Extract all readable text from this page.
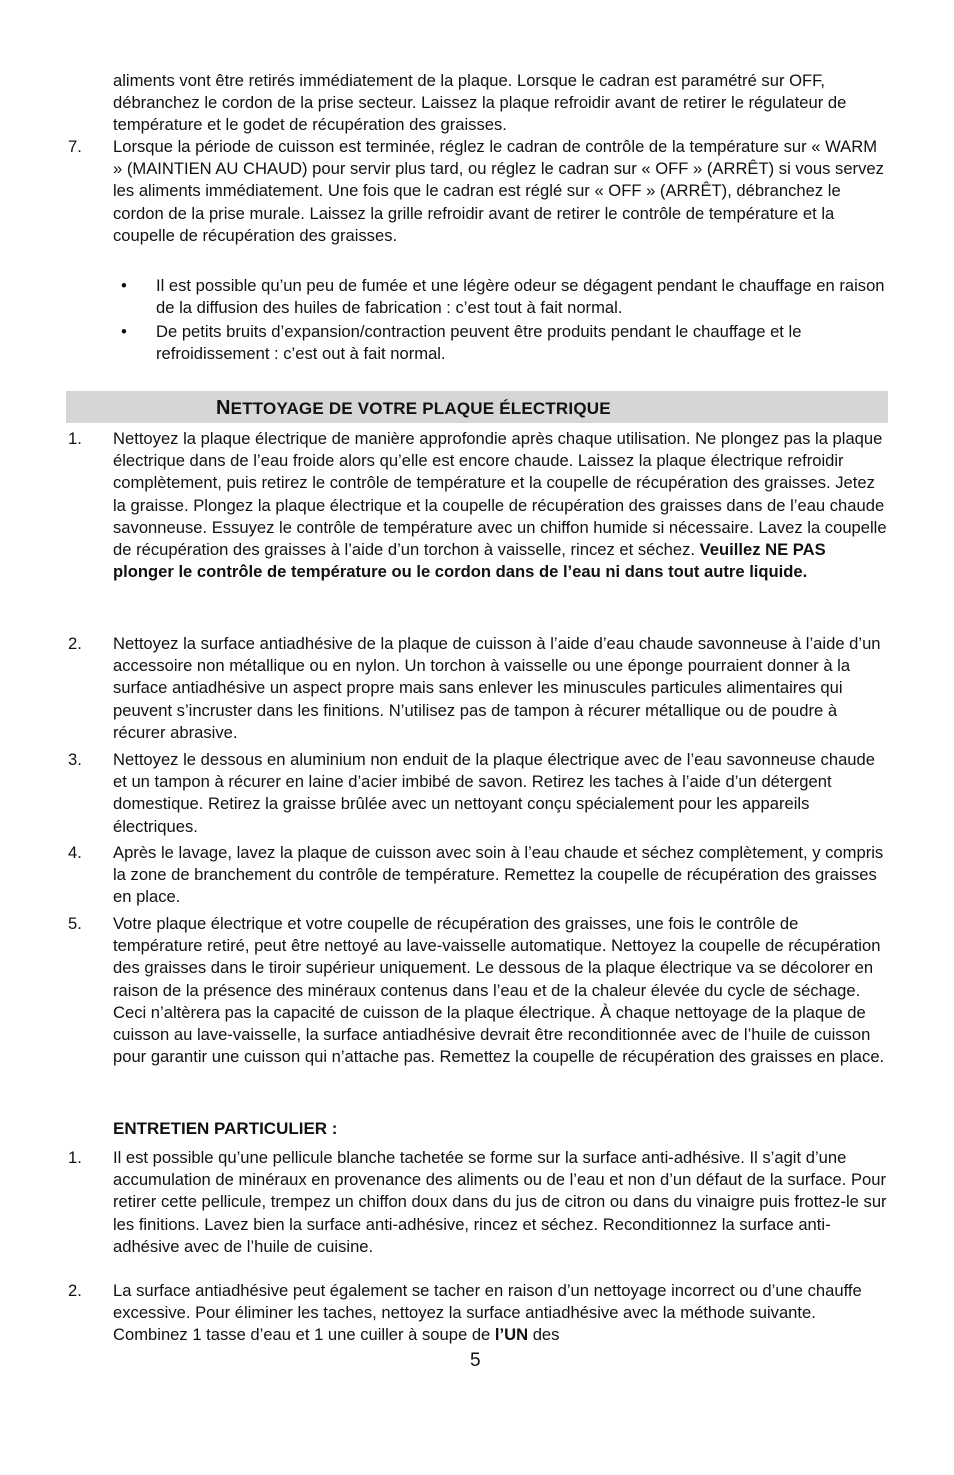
aliments vont être retirés immédiatement de la plaque. Lorsque le cadran est paramétré sur OFF, débranchez le cordon de la prise secteur. Laissez la plaque refroidir avant de retirer le régulateur de température et le godet de récupération des graisses.

7. Lorsque la période de cuisson est terminée, réglez le cadran de contrôle de la température sur « WARM » (MAINTIEN AU CHAUD) pour servir plus tard, ou réglez le cadran sur « OFF » (ARRÊT) si vous servez les aliments immédiatement. Une fois que le cadran est réglé sur « OFF » (ARRÊT), débranchez le cordon de la prise murale. Laissez la grille refroidir avant de retirer le contrôle de température et la coupelle de récupération des graisses.

• Il est possible qu’un peu de fumée et une légère odeur se dégagent pendant le chauffage en raison de la diffusion des huiles de fabrication : c’est tout à fait normal.

• De petits bruits d’expansion/contraction peuvent être produits pendant le chauffage et le refroidissement : c’est out à fait normal.

NETTOYAGE DE VOTRE PLAQUE ÉLECTRIQUE
1. Nettoyez la plaque électrique de manière approfondie après chaque utilisation. Ne plongez pas la plaque électrique dans de l’eau froide alors qu’elle est encore chaude. Laissez la plaque électrique refroidir complètement, puis retirez le contrôle de température et la coupelle de récupération des graisses. Jetez la graisse. Plongez la plaque électrique et la coupelle de récupération des graisses dans de l’eau chaude savonneuse. Essuyez le contrôle de température avec un chiffon humide si nécessaire. Lavez la coupelle de récupération des graisses à l’aide d’un torchon à vaisselle, rincez et séchez. Veuillez NE PAS plonger le contrôle de température ou le cordon dans de l’eau ni dans tout autre liquide.

2. Nettoyez la surface antiadhésive de la plaque de cuisson à l’aide d’eau chaude savonneuse à l’aide d’un accessoire non métallique ou en nylon. Un torchon à vaisselle ou une éponge pourraient donner à la surface antiadhésive un aspect propre mais sans enlever les minuscules particules alimentaires qui peuvent s’incruster dans les finitions. N’utilisez pas de tampon à récurer métallique ou de poudre à récurer abrasive.

3. Nettoyez le dessous en aluminium non enduit de la plaque électrique avec de l’eau savonneuse chaude et un tampon à récurer en laine d’acier imbibé de savon. Retirez les taches à l’aide d’un détergent domestique. Retirez la graisse brûlée avec un nettoyant conçu spécialement pour les appareils électriques.

4. Après le lavage, lavez la plaque de cuisson avec soin à l’eau chaude et séchez complètement, y compris la zone de branchement du contrôle de température. Remettez la coupelle de récupération des graisses en place.

5. Votre plaque électrique et votre coupelle de récupération des graisses, une fois le contrôle de température retiré, peut être nettoyé au lave-vaisselle automatique. Nettoyez la coupelle de récupération des graisses dans le tiroir supérieur uniquement. Le dessous de la plaque électrique va se décolorer en raison de la présence des minéraux contenus dans l’eau et de la chaleur élevée du cycle de séchage. Ceci n’altèrera pas la capacité de cuisson de la plaque électrique. À chaque nettoyage de la plaque de cuisson au lave-vaisselle, la surface antiadhésive devrait être reconditionnée avec de l’huile de cuisson pour garantir une cuisson qui n’attache pas. Remettez la coupelle de récupération des graisses en place.

ENTRETIEN PARTICULIER :
1. Il est possible qu’une pellicule blanche tachetée se forme sur la surface anti-adhésive. Il s’agit d’une accumulation de minéraux en provenance des aliments ou de l’eau et non d’un défaut de la surface. Pour retirer cette pellicule, trempez un chiffon doux dans du jus de citron ou dans du vinaigre puis frottez-le sur les finitions. Lavez bien la surface anti-adhésive, rincez et séchez. Reconditionnez la surface anti-adhésive avec de l’huile de cuisine.

2. La surface antiadhésive peut également se tacher en raison d’un nettoyage incorrect ou d’une chauffe excessive. Pour éliminer les taches, nettoyez la surface antiadhésive avec la méthode suivante. Combinez 1 tasse d’eau et 1 une cuiller à soupe de l’UN des

5
